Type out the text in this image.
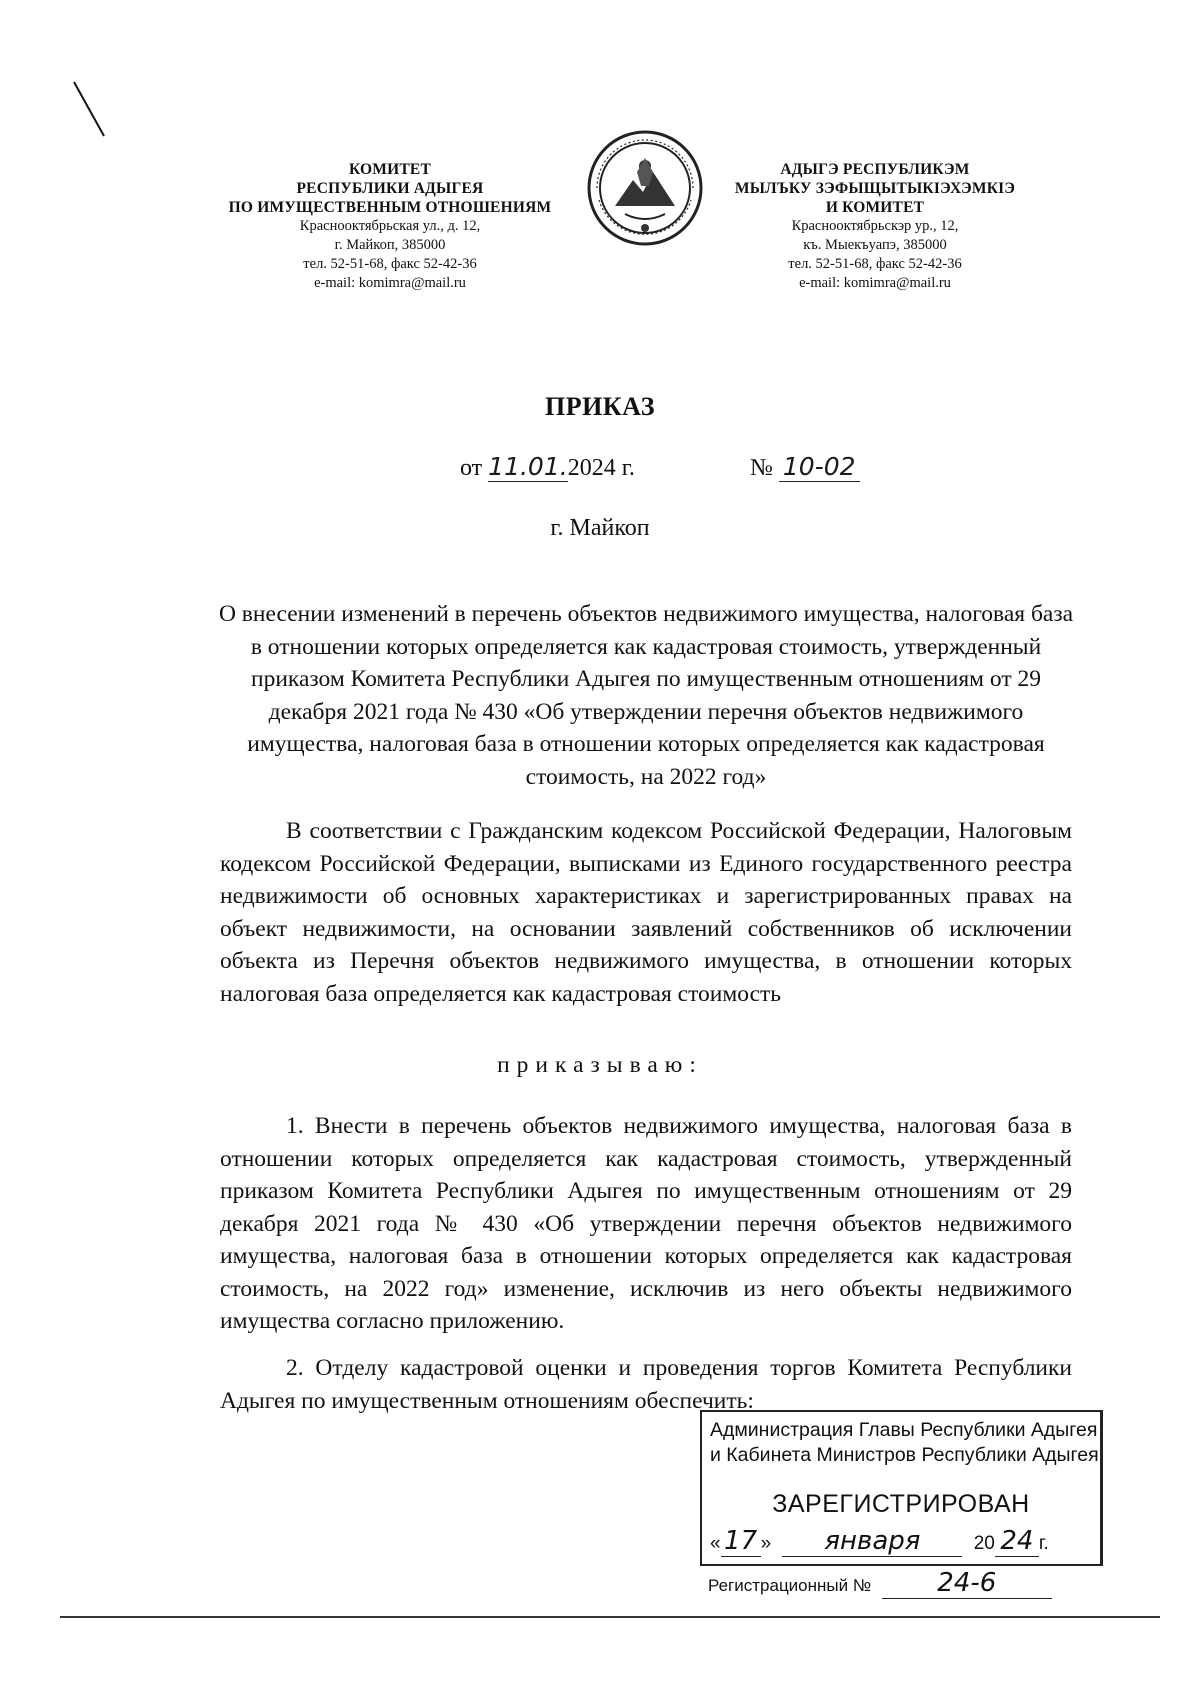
КОМИТЕТ
РЕСПУБЛИКИ АДЫГЕЯ
ПО ИМУЩЕСТВЕННЫМ ОТНОШЕНИЯМ
Краснооктябрьская ул., д. 12,
г. Майкоп, 385000
тел. 52-51-68, факс 52-42-36
e-mail: komimra@mail.ru
АДЫГЭ РЕСПУБЛИКЭМ
МЫЛЪКУ ЗЭФЫЩЫТЫКIЭХЭМКIЭ
И КОМИТЕТ
Краснооктябрьскэр ур., 12,
къ. Мыекъуапэ, 385000
тел. 52-51-68, факс 52-42-36
e-mail: komimra@mail.ru
ПРИКАЗ
от 11.01.2024 г.	№ 10-02
г. Майкоп
О внесении изменений в перечень объектов недвижимого имущества, налоговая база в отношении которых определяется как кадастровая стоимость, утвержденный приказом Комитета Республики Адыгея по имущественным отношениям от 29 декабря 2021 года № 430 «Об утверждении перечня объектов недвижимого имущества, налоговая база в отношении которых определяется как кадастровая стоимость, на 2022 год»
В соответствии с Гражданским кодексом Российской Федерации, Налоговым кодексом Российской Федерации, выписками из Единого государственного реестра недвижимости об основных характеристиках и зарегистрированных правах на объект недвижимости, на основании заявлений собственников об исключении объекта из Перечня объектов недвижимого имущества, в отношении которых налоговая база определяется как кадастровая стоимость
приказываю:
1. Внести в перечень объектов недвижимого имущества, налоговая база в отношении которых определяется как кадастровая стоимость, утвержденный приказом Комитета Республики Адыгея по имущественным отношениям от 29 декабря 2021 года № 430 «Об утверждении перечня объектов недвижимого имущества, налоговая база в отношении которых определяется как кадастровая стоимость, на 2022 год» изменение, исключив из него объекты недвижимого имущества согласно приложению.
2. Отделу кадастровой оценки и проведения торгов Комитета Республики Адыгея по имущественным отношениям обеспечить:
Администрация Главы Республики Адыгея
и Кабинета Министров Республики Адыгея
ЗАРЕГИСТРИРОВАН
« 17 » января	20 24 г.
Регистрационный №	24-6
